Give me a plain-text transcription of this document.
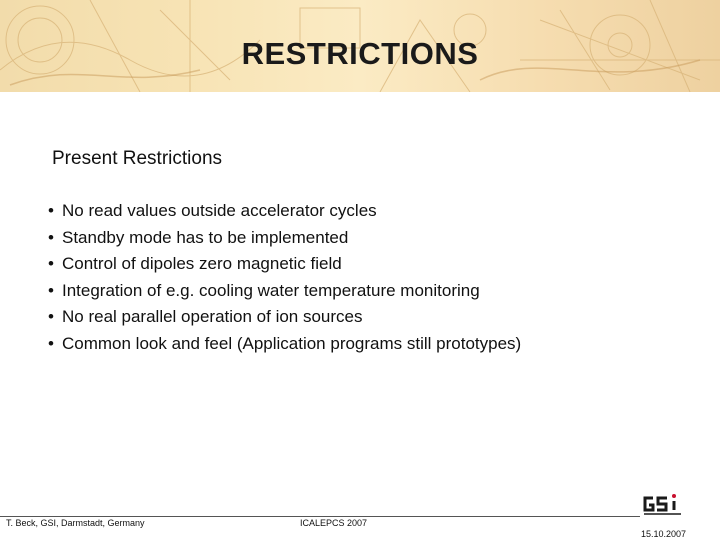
RESTRICTIONS
Present Restrictions
• No read values outside accelerator cycles
• Standby mode has to be implemented
• Control of dipoles zero magnetic field
• Integration of e.g. cooling water temperature monitoring
• No real parallel operation of ion sources
• Common look and feel (Application programs still prototypes)
T. Beck, GSI, Darmstadt, Germany	ICALEPCS 2007
15.10.2007
